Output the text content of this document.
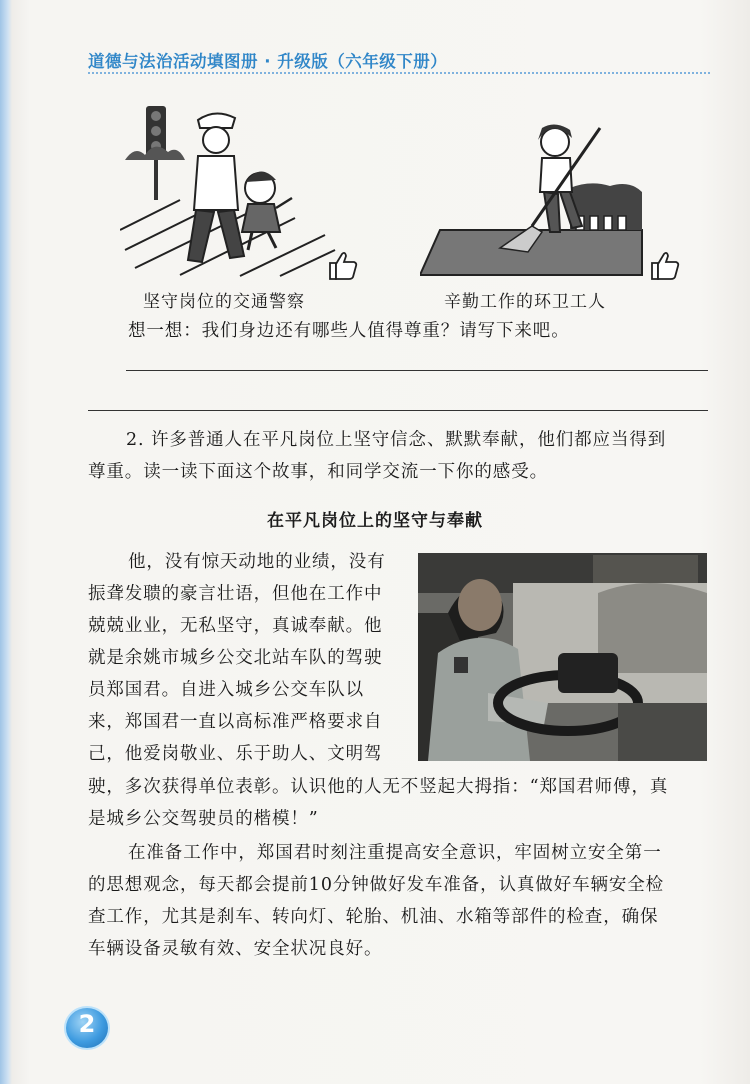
道德与法治活动填图册 · 升级版（六年级下册）
坚守岗位的交通警察	辛勤工作的环卫工人
想一想：我们身边还有哪些人值得尊重？请写下来吧。
2. 许多普通人在平凡岗位上坚守信念、默默奉献，他们都应当得到
尊重。读一读下面这个故事，和同学交流一下你的感受。
在平凡岗位上的坚守与奉献
他，没有惊天动地的业绩，没有
振聋发聩的豪言壮语，但他在工作中
兢兢业业，无私坚守，真诚奉献。他
就是余姚市城乡公交北站车队的驾驶
员郑国君。自进入城乡公交车队以
来，郑国君一直以高标准严格要求自
己，他爱岗敬业、乐于助人、文明驾
驶，多次获得单位表彰。认识他的人无不竖起大拇指：“郑国君师傅，真
是城乡公交驾驶员的楷模！”
在准备工作中，郑国君时刻注重提高安全意识，牢固树立安全第一
的思想观念，每天都会提前10分钟做好发车准备，认真做好车辆安全检
查工作，尤其是刹车、转向灯、轮胎、机油、水箱等部件的检查，确保
车辆设备灵敏有效、安全状况良好。
2
